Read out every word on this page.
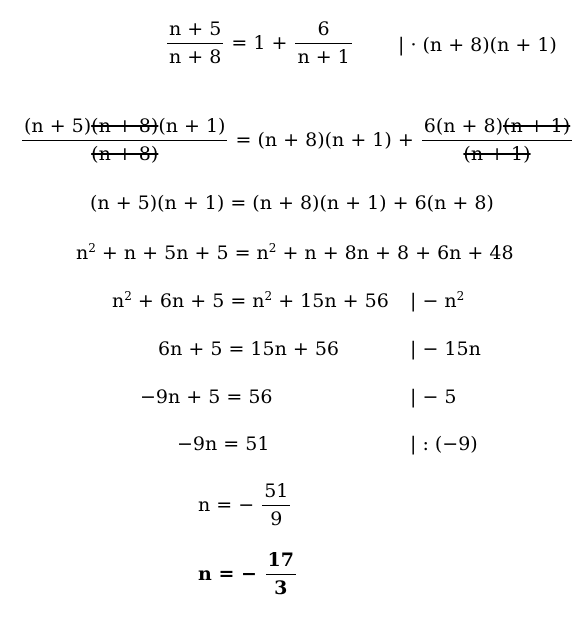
$\frac{n + 5}{n + 8} = 1 + \frac{6}{n + 1}$ | · (n + 8)(n + 1)
$\frac{(n + 5)(n + 8)(n + 1)}{(n + 8)} = (n + 8)(n + 1) + \frac{6(n + 8)(n + 1)}{(n + 1)}$
(n + 5)(n + 1) = (n + 8)(n + 1) + 6(n + 8)
$n^2 + n + 5n + 5 = n^2 + n + 8n + 8 + 6n + 48$
$n^2 + 6n + 5 = n^2 + 15n + 56$ | − $n^2$
6n + 5 = 15n + 56	| − 15n
−9n + 5 = 56	| − 5
−9n = 51	| : (−9)
n = − $\frac{51}{9}$
n = − $\frac{17}{3}$
